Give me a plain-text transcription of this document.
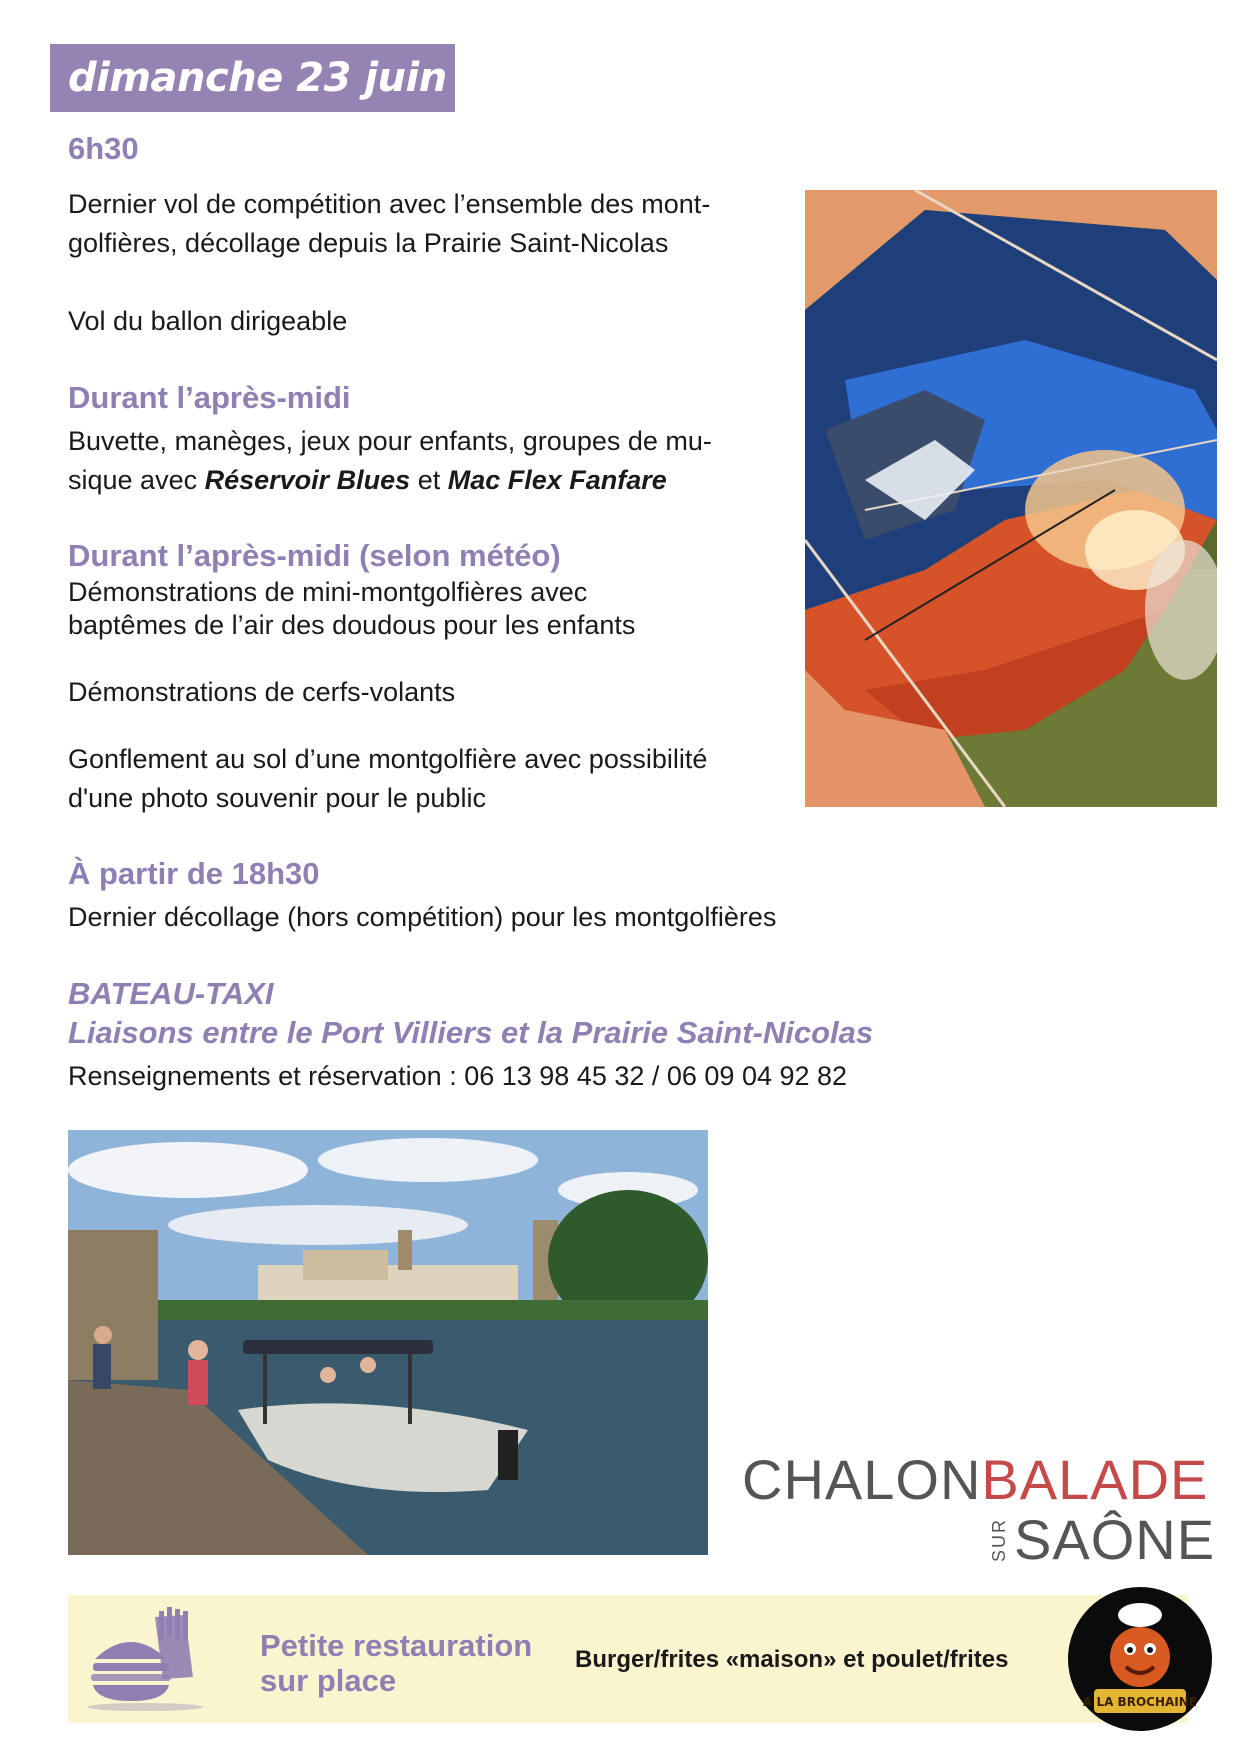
dimanche 23 juin
6h30
Dernier vol de compétition avec l’ensemble des mont-
golfières, décollage depuis la Prairie Saint-Nicolas
Vol du ballon dirigeable
Durant l’après-midi
Buvette, manèges, jeux pour enfants, groupes de mu-
sique avec Réservoir Blues et Mac Flex Fanfare
Durant l’après-midi (selon météo)
Démonstrations de mini-montgolfières avec
baptêmes de l’air des doudous pour les enfants
Démonstrations de cerfs-volants
Gonflement au sol d’une montgolfière avec possibilité
d'une photo souvenir pour le public
À partir de 18h30
Dernier décollage (hors compétition) pour les montgolfières
BATEAU-TAXI
Liaisons entre le Port Villiers et la Prairie Saint-Nicolas
Renseignements et réservation : 06 13 98 45 32 / 06 09 04 92 82
CHALONBALADE
SUR SAÔNE
Petite restauration
sur place
Burger/frites «maison» et poulet/frites
A LA BROCHAINE
